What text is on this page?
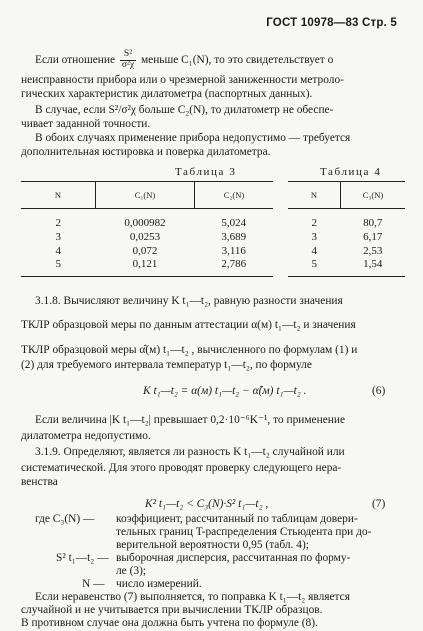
ГОСТ 10978—83 Стр. 5
Если отношение $\frac{\text{S²}}{\text{σ²χ}}$ меньше C₁(N), то это свидетельствует о
неисправности прибора или о чрезмерной заниженности метроло-
гических характеристик дилатометра (паспортных данных).
В случае, если S²/σ²χ больше C₂(N), то дилатометр не обеспе-
чивает заданной точности.
В обоих случаях применение прибора недопустимо — требуется
дополнительная юстировка и поверка дилатометра.
Таблица 3
N	C₁(N)	C₂(N)
2	0,000982	5,024
3	0,0253	3,689
4	0,072	3,116
5	0,121	2,786
Таблица 4
N	C₃(N)
2	80,7
3	6,17
4	2,53
5	1,54
3.1.8. Вычисляют величину K t₁—t₂, равную разности значения
ТКЛР образцовой меры по данным аттестации α(м) t₁—t₂ и значения
ТКЛР образцовой меры α̂(м) t₁—t₂ , вычисленного по формулам (1) и
(2) для требуемого интервала температур t₁—t₂, по формуле
K t₁—t₂ = α(м) t₁—t₂ − α̂(м) t₁—t₂ .	(6)
Если величина |K t₁—t₂| превышает 0,2·10⁻⁶K⁻¹, то применение
дилатометра недопустимо.
3.1.9. Определяют, является ли разность K t₁—t₂ случайной или
систематической. Для этого проводят проверку следующего нера-
венства
K² t₁—t₂ < C₃(N)·S² t₁—t₂ ,	(7)
где C₃(N) — коэффициент, рассчитанный по таблицам довери-
тельных границ T-распределения Стьюдента при до-
верительной вероятности 0,95 (табл. 4);
S² t₁—t₂ — выборочная дисперсия, рассчитанная по форму-
ле (3);
N — число измерений.
Если неравенство (7) выполняется, то поправка K t₁—t₂ является
случайной и не учитывается при вычислении ТКЛР образцов.
В противном случае она должна быть учтена по формуле (8).
